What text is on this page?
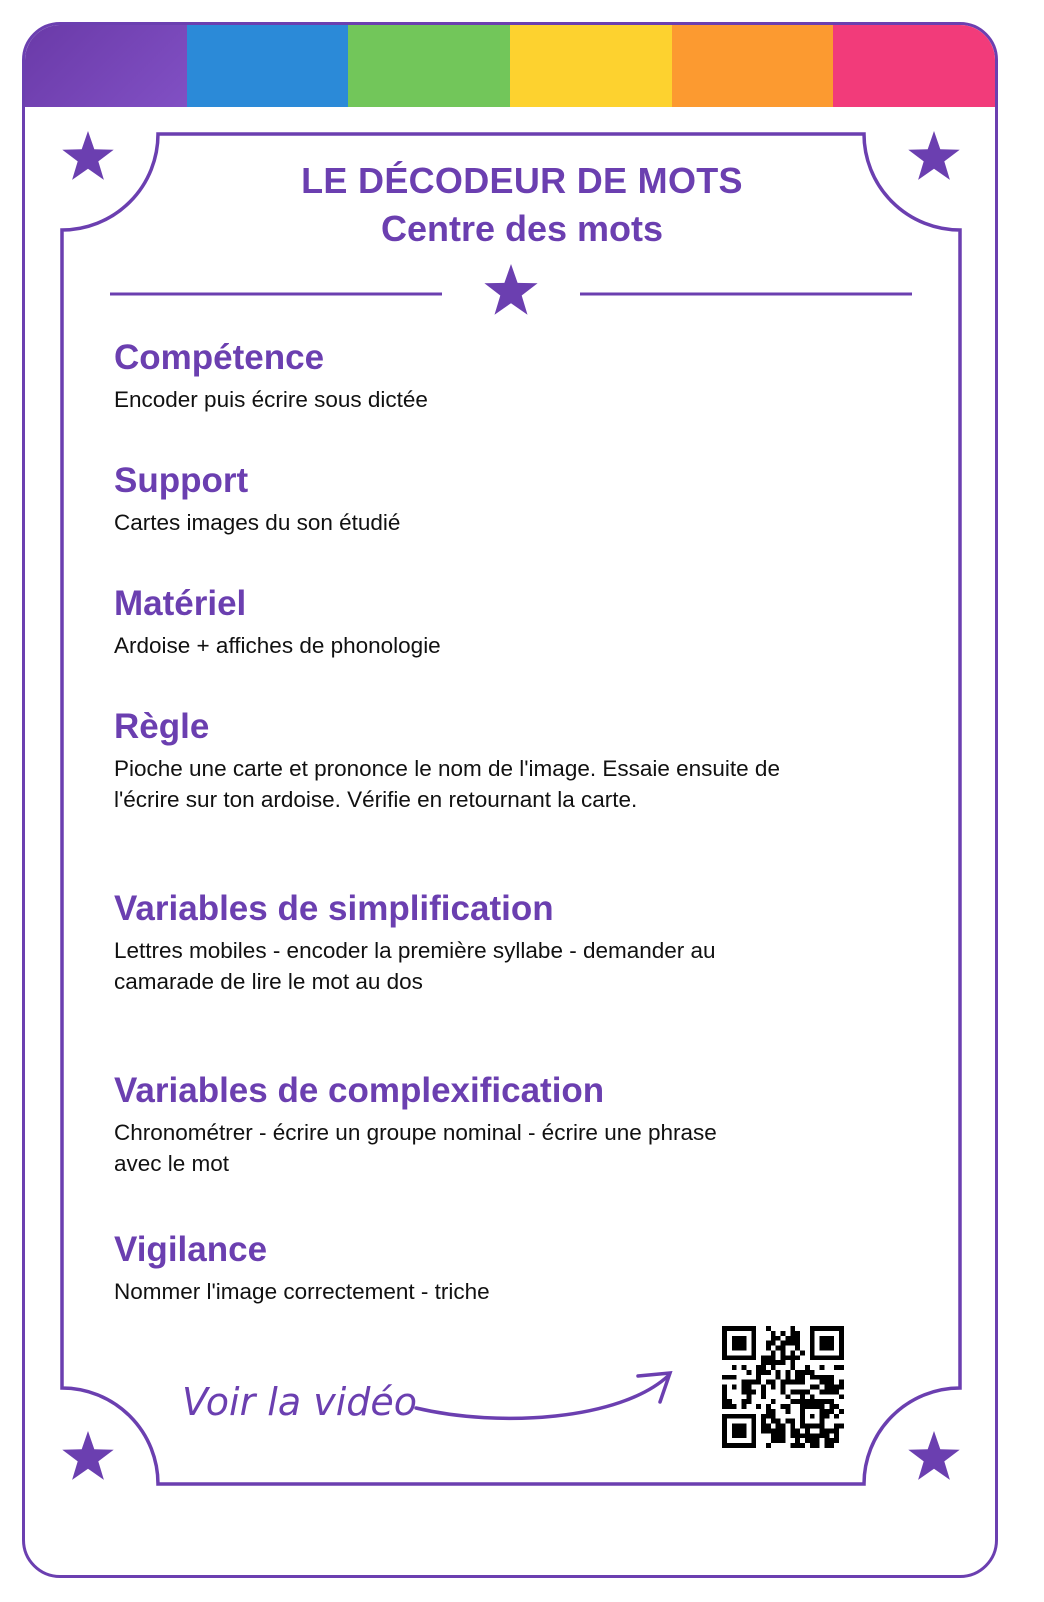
LE DÉCODEUR DE MOTS
Centre des mots
Compétence

Encoder puis écrire sous dictée

Support

Cartes images du son étudié

Matériel

Ardoise + affiches de phonologie

Règle

Pioche une carte et prononce le nom de l'image. Essaie ensuite de l'écrire sur ton ardoise. Vérifie en retournant la carte.

Variables de simplification

Lettres mobiles - encoder la première syllabe - demander au camarade de lire le mot au dos

Variables de complexification

Chronométrer - écrire un groupe nominal - écrire une phrase avec le mot

Vigilance

Nommer l'image correctement - triche

Voir la vidéo
